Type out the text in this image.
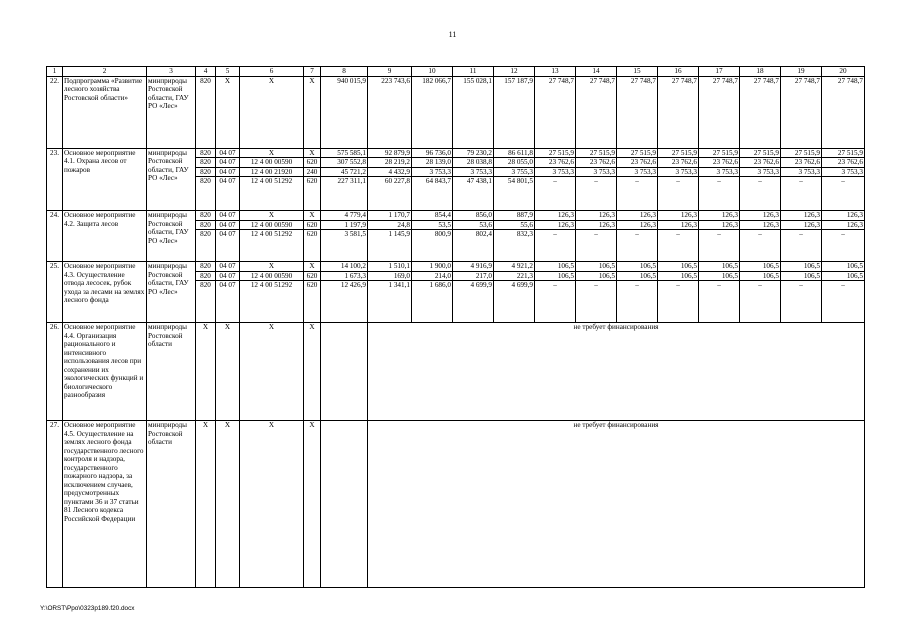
11
1	2	3	4	5	6	7	8	9	10	11	12	13	14	15	16	17	18	19	20
22.	Подпрограмма «Развитие лесного хозяйства Ростовской области»	минприроды Ростовской области, ГАУ РО «Лес»	820	X	X	X	940 015,9	223 743,6	182 066,7	155 028,1	157 187,9	27 748,7	27 748,7	27 748,7	27 748,7	27 748,7	27 748,7	27 748,7	27 748,7
23.	Основное мероприятие 4.1. Охрана лесов от пожаров	минприроды Ростовской области, ГАУ РО «Лес»	820	04 07	X	X	575 585,1	92 879,9	96 736,0	79 230,2	86 611,8	27 515,9	27 515,9	27 515,9	27 515,9	27 515,9	27 515,9	27 515,9	27 515,9
			820	04 07	12 4 00 00590	620	307 552,8	28 219,2	28 139,0	28 038,8	28 055,0	23 762,6	23 762,6	23 762,6	23 762,6	23 762,6	23 762,6	23 762,6	23 762,6
			820	04 07	12 4 00 21920	240	45 721,2	4 432,9	3 753,3	3 753,3	3 755,3	3 753,3	3 753,3	3 753,3	3 753,3	3 753,3	3 753,3	3 753,3	3 753,3
			820	04 07	12 4 00 51292	620	227 311,1	60 227,8	64 843,7	47 438,1	54 801,5	–	–	–	–	–	–	–	–
24.	Основное мероприятие 4.2. Защита лесов	минприроды Ростовской области, ГАУ РО «Лес»	820	04 07	X	X	4 779,4	1 170,7	854,4	856,0	887,9	126,3	126,3	126,3	126,3	126,3	126,3	126,3	126,3
			820	04 07	12 4 00 00590	620	1 197,9	24,8	53,5	53,6	55,6	126,3	126,3	126,3	126,3	126,3	126,3	126,3	126,3
			820	04 07	12 4 00 51292	620	3 581,5	1 145,9	800,9	802,4	832,3	–	–	–	–	–	–	–	–
25.	Основное мероприятие 4.3. Осуществление отвода лесосек, рубок ухода за лесами на землях лесного фонда	минприроды Ростовской области, ГАУ РО «Лес»	820	04 07	X	X	14 100,2	1 510,1	1 900,0	4 916,9	4 921,2	106,5	106,5	106,5	106,5	106,5	106,5	106,5	106,5
			820	04 07	12 4 00 00590	620	1 673,3	169,0	214,0	217,0	221,3	106,5	106,5	106,5	106,5	106,5	106,5	106,5	106,5
			820	04 07	12 4 00 51292	620	12 426,9	1 341,1	1 686,0	4 699,9	4 699,9	–	–	–	–	–	–	–	–
26.	Основное мероприятие 4.4. Организация рационального и интенсивного использования лесов при сохранении их экологических функций и биологического разнообразия	минприроды Ростовской области	X	X	X	X		не требует финансирования											
27.	Основное мероприятие 4.5. Осуществление на землях лесного фонда государственного лесного контроля и надзора, государственного пожарного надзора, за исключением случаев, предусмотренных пунктами 36 и 37 статьи 81 Лесного кодекса Российской Федерации	минприроды Ростовской области	X	X	X	X		не требует финансирования											
Y:\ORST\Ppo\0323p189.f20.docx
